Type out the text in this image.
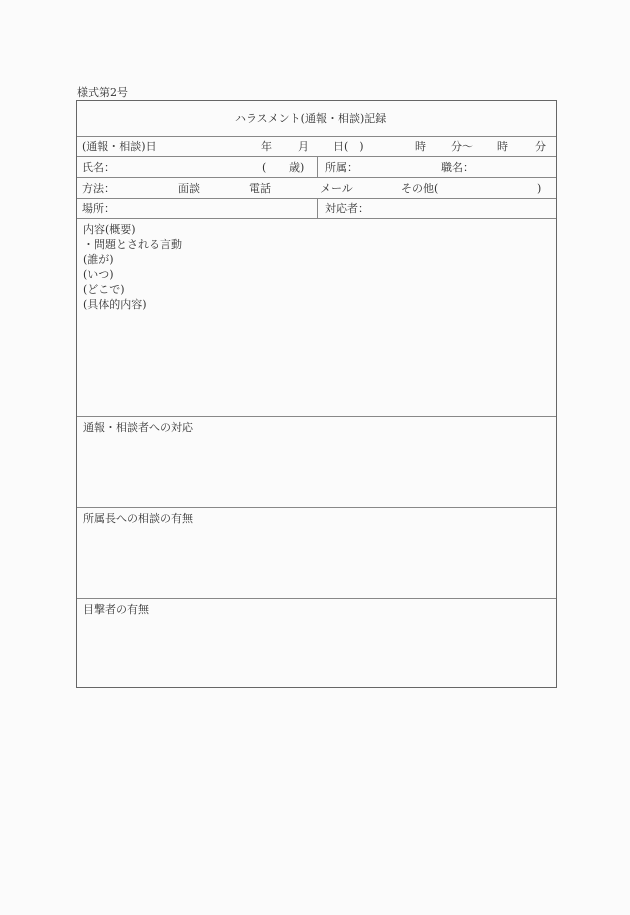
様式第2号
ハラスメント(通報・相談)記録
(通報・相談)日	年 月 日(　)	時 分〜 時 分
氏名：	( 歳) 所属：	職名：
方法：	面談	電話	メール	その他(	)
場所：	対応者：
内容(概要)
・問題とされる言動
(誰が)
(いつ)
(どこで)
(具体的内容)
通報・相談者への対応
所属長への相談の有無
目撃者の有無
